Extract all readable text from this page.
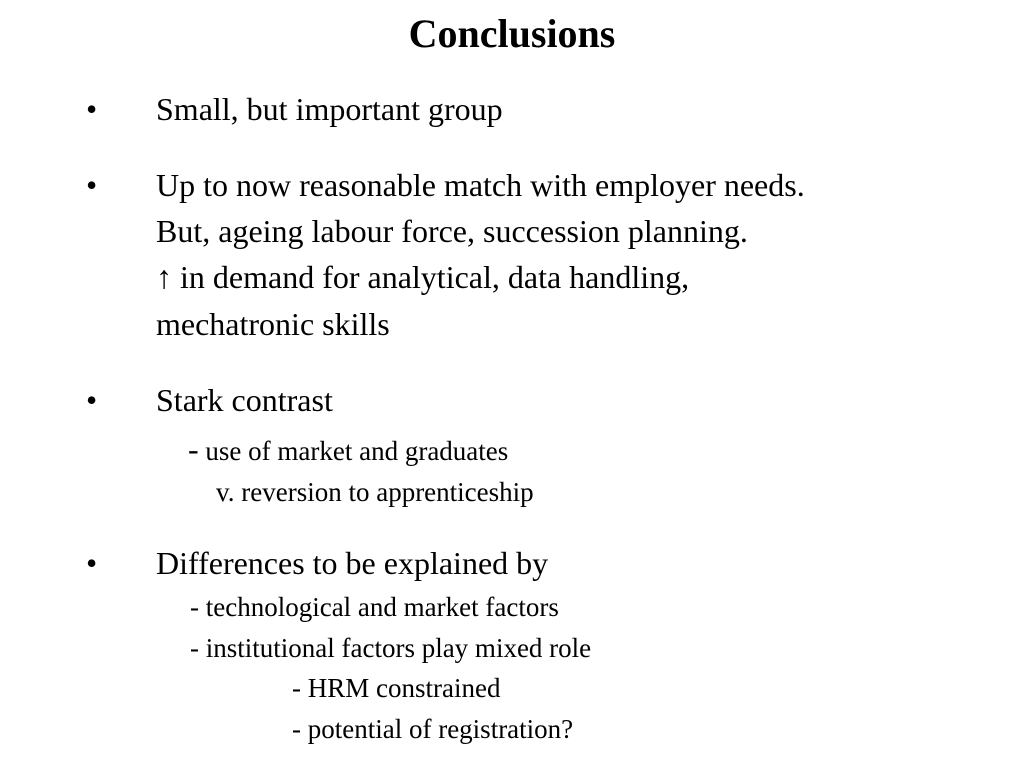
Conclusions
• Small, but important group
• Up to now reasonable match with employer needs.
But, ageing labour force, succession planning.
↑ in demand for analytical, data handling,
mechatronic skills
• Stark contrast
- use of market and graduates
v. reversion to apprenticeship
• Differences to be explained by
- technological and market factors
- institutional factors play mixed role
- HRM constrained
- potential of registration?
